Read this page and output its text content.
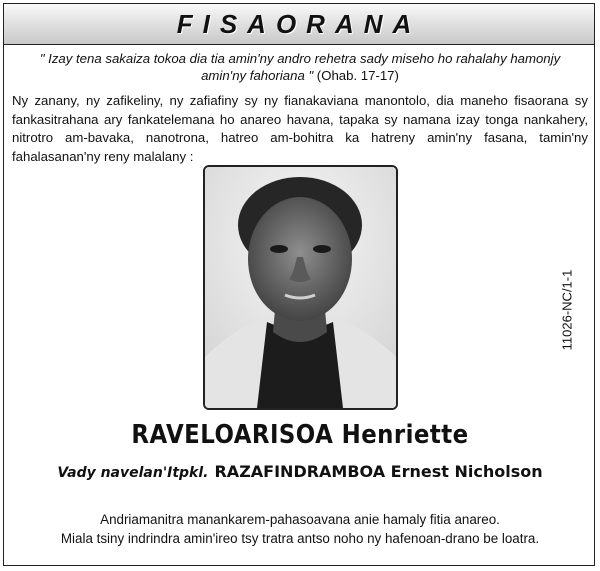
FISAORANA
" Izay tena sakaiza tokoa dia tia amin'ny andro rehetra sady miseho ho rahalahy hamonjy amin'ny fahoriana " (Ohab. 17-17)
Ny zanany, ny zafikeliny, ny zafiafiny sy ny fianakaviana manontolo, dia maneho fisaorana sy fankasitrahana ary fankatelemana ho anareo havana, tapaka sy namana izay tonga nankahery, nitrotro am-bavaka, nanotrona, hatreo am-bohitra ka hatreny amin'ny fasana, tamin'ny fahalasanan'ny reny malalany :
11026-NC/1-1
RAVELOARISOA Henriette
Vady navelan'Itpkl. RAZAFINDRAMBOA Ernest Nicholson
Andriamanitra manankarem-pahasoavana anie hamaly fitia anareo.
Miala tsiny indrindra amin'ireo tsy tratra antso noho ny hafenoan-drano be loatra.
